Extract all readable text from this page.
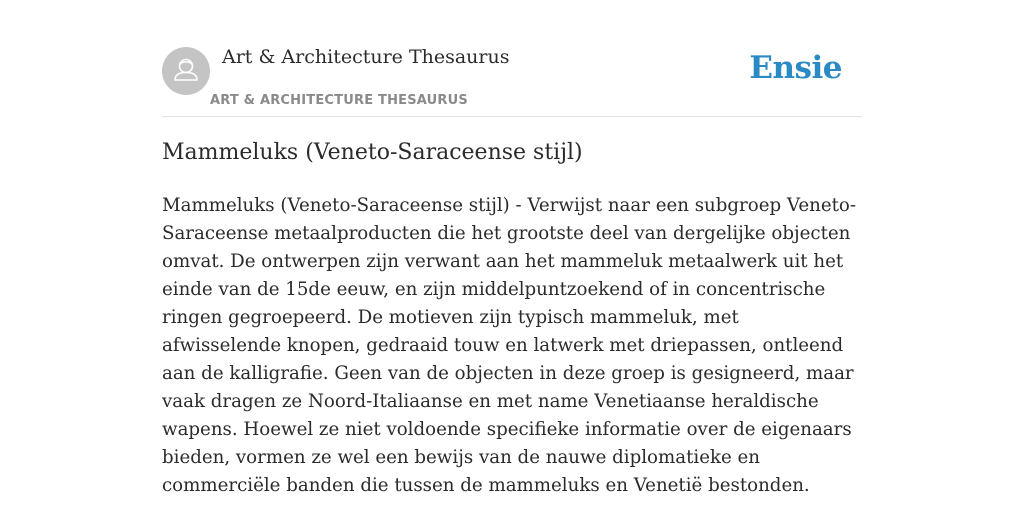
Art & Architecture Thesaurus
ART & ARCHITECTURE THESAURUS
Ensie
Mammeluks (Veneto-Saraceense stijl)

Mammeluks (Veneto-Saraceense stijl) - Verwijst naar een subgroep Veneto-Saraceense metaalproducten die het grootste deel van dergelijke objecten omvat. De ontwerpen zijn verwant aan het mammeluk metaalwerk uit het einde van de 15de eeuw, en zijn middelpuntzoekend of in concentrische ringen gegroepeerd. De motieven zijn typisch mammeluk, met afwisselende knopen, gedraaid touw en latwerk met driepassen, ontleend aan de kalligrafie. Geen van de objecten in deze groep is gesigneerd, maar vaak dragen ze Noord-Italiaanse en met name Venetiaanse heraldische wapens. Hoewel ze niet voldoende specifieke informatie over de eigenaars bieden, vormen ze wel een bewijs van de nauwe diplomatieke en commerciële banden die tussen de mammeluks en Venetië bestonden.
